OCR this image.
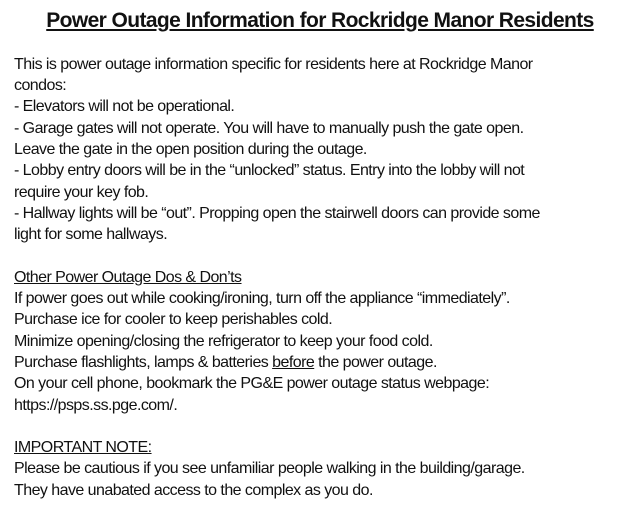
Power Outage Information for Rockridge Manor Residents
This is power outage information specific for residents here at Rockridge Manor
condos:
- Elevators will not be operational.
- Garage gates will not operate. You will have to manually push the gate open.
Leave the gate in the open position during the outage.
- Lobby entry doors will be in the “unlocked” status. Entry into the lobby will not
require your key fob.
- Hallway lights will be “out”. Propping open the stairwell doors can provide some
light for some hallways.
Other Power Outage Dos & Don’ts
If power goes out while cooking/ironing, turn off the appliance “immediately”.
Purchase ice for cooler to keep perishables cold.
Minimize opening/closing the refrigerator to keep your food cold.
Purchase flashlights, lamps & batteries before the power outage.
On your cell phone, bookmark the PG&E power outage status webpage:
https://psps.ss.pge.com/.
IMPORTANT NOTE:
Please be cautious if you see unfamiliar people walking in the building/garage.
They have unabated access to the complex as you do.
